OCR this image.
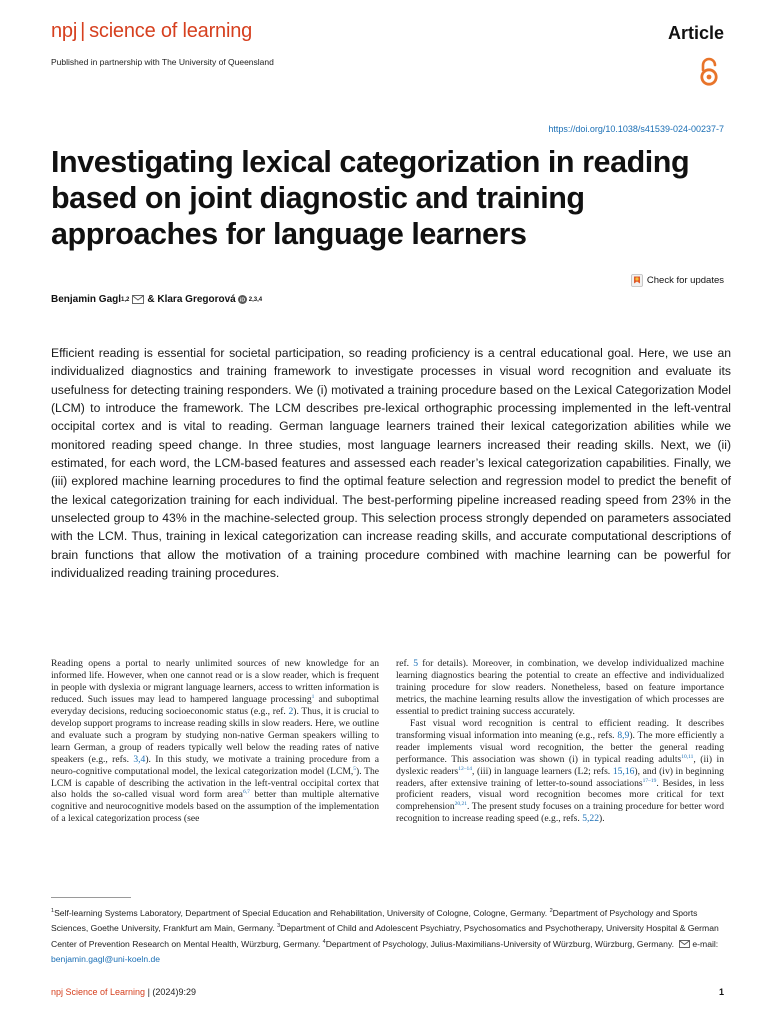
npj | science of learning	Article
Published in partnership with The University of Queensland
https://doi.org/10.1038/s41539-024-00237-7
Investigating lexical categorization in reading based on joint diagnostic and training approaches for language learners
Check for updates
Benjamin Gagl 1,2 &
Klara Gregorová iD 2,3,4
Efficient reading is essential for societal participation, so reading proficiency is a central educational goal. Here, we use an individualized diagnostics and training framework to investigate processes in visual word recognition and evaluate its usefulness for detecting training responders. We (i) motivated a training procedure based on the Lexical Categorization Model (LCM) to introduce the framework. The LCM describes pre-lexical orthographic processing implemented in the left-ventral occipital cortex and is vital to reading. German language learners trained their lexical categorization abilities while we monitored reading speed change. In three studies, most language learners increased their reading skills. Next, we (ii) estimated, for each word, the LCM-based features and assessed each reader’s lexical categorization capabilities. Finally, we (iii) explored machine learning procedures to find the optimal feature selection and regression model to predict the benefit of the lexical categorization training for each individual. The best-performing pipeline increased reading speed from 23% in the unselected group to 43% in the machine-selected group. This selection process strongly depended on parameters associated with the LCM. Thus, training in lexical categorization can increase reading skills, and accurate computational descriptions of brain functions that allow the motivation of a training procedure combined with machine learning can be powerful for individualized reading training procedures.

Reading opens a portal to nearly unlimited sources of new knowledge for an informed life. However, when one cannot read or is a slow reader, which is frequent in people with dyslexia or migrant language learners, access to written information is reduced. Such issues may lead to hampered language processing$^1$ and suboptimal everyday decisions, reducing socioeconomic status (e.g., ref. 2). Thus, it is crucial to develop support programs to increase reading skills in slow readers. Here, we outline and evaluate such a program by studying non-native German speakers willing to learn German, a group of readers typically well below the reading rates of native speakers (e.g., refs. 3,4). In this study, we motivate a training procedure from a neuro-cognitive computational model, the lexical categorization model (LCM,$^5$). The LCM is capable of describing the activation in the left-ventral occipital cortex that also holds the so-called visual word form area$^{6,7}$ better than multiple alternative cognitive and neurocognitive models based on the assumption of the implementation of a lexical categorization process (see

ref. 5 for details). Moreover, in combination, we develop individualized machine learning diagnostics bearing the potential to create an effective and individualized training procedure for slow readers. Nonetheless, based on feature importance metrics, the machine learning results allow the investigation of which processes are essential to predict training success accurately.

Fast visual word recognition is central to efficient reading. It describes transforming visual information into meaning (e.g., refs. 8,9). The more efficiently a reader implements visual word recognition, the better the general reading performance. This association was shown (i) in typical reading adults$^{10,11}$, (ii) in dyslexic readers$^{12-14}$, (iii) in language learners (L2; refs. 15,16), and (iv) in beginning readers, after extensive training of letter-to-sound associations$^{17-19}$. Besides, in less proficient readers, visual word recognition becomes more critical for text comprehension$^{20,21}$. The present study focuses on a training procedure for better word recognition to increase reading speed (e.g., refs. 5,22).

$^1$Self-learning Systems Laboratory, Department of Special Education and Rehabilitation, University of Cologne, Cologne, Germany. $^2$Department of Psychology and Sports Sciences, Goethe University, Frankfurt am Main, Germany. $^3$Department of Child and Adolescent Psychiatry, Psychosomatics and Psychotherapy, University Hospital & German Center of Prevention Research on Mental Health, Würzburg, Germany. $^4$Department of Psychology, Julius-Maximilians-University of Würzburg, Würzburg, Germany. e-mail: benjamin.gagl@uni-koeln.de
npj Science of Learning | (2024)9:29	1
